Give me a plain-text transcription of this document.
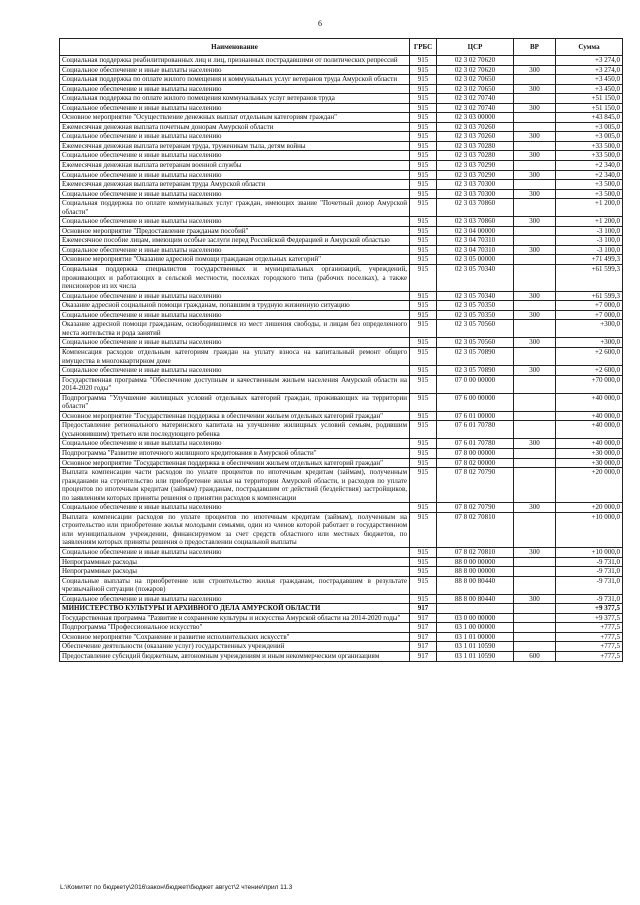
6
Наименование	ГРБС	ЦСР	ВР	Сумма
Социальная поддержка реабилитированных лиц и лиц, признанных пострадавшими от политических репрессий	915	02 3 02 70620		+3 274,0
Социальное обеспечение и иные выплаты населению	915	02 3 02 70620	300	+3 274,0
Социальная поддержка по оплате жилого помещения и коммунальных услуг ветеранов труда Амурской области	915	02 3 02 70650		+3 450,0
Социальное обеспечение и иные выплаты населению	915	02 3 02 70650	300	+3 450,0
Социальная поддержка по оплате жилого помещения коммунальных услуг ветеранов труда	915	02 3 02 70740		+51 150,0
Социальное обеспечение и иные выплаты населению	915	02 3 02 70740	300	+51 150,0
Основное мероприятие "Осуществление денежных выплат отдельным категориям граждан"	915	02 3 03 00000		+43 845,0
Ежемесячная денежная выплата почетным донорам Амурской области	915	02 3 03 70260		+3 005,0
Социальное обеспечение и иные выплаты населению	915	02 3 03 70260	300	+3 005,0
Ежемесячная денежная выплата ветеранам труда, труженикам тыла, детям войны	915	02 3 03 70280		+33 500,0
Социальное обеспечение и иные выплаты населению	915	02 3 03 70280	300	+33 500,0
Ежемесячная денежная выплата ветеранам военной службы	915	02 3 03 70290		+2 340,0
Социальное обеспечение и иные выплаты населению	915	02 3 03 70290	300	+2 340,0
Ежемесячная денежная выплата ветеранам труда Амурской области	915	02 3 03 70300		+3 500,0
Социальное обеспечение и иные выплаты населению	915	02 3 03 70300	300	+3 500,0
Социальная поддержка по оплате коммунальных услуг граждан, имеющих звание "Почетный донор Амурской области"	915	02 3 03 70860		+1 200,0
Социальное обеспечение и иные выплаты населению	915	02 3 03 70860	300	+1 200,0
Основное мероприятие "Предоставление гражданам пособий"	915	02 3 04 00000		-3 100,0
Ежемесячное пособие лицам, имеющим особые заслуги перед Российской Федерацией и Амурской областью	915	02 3 04 70310		-3 100,0
Социальное обеспечение и иные выплаты населению	915	02 3 04 70310	300	-3 100,0
Основное мероприятие "Оказание адресной помощи гражданам отдельных категорий"	915	02 3 05 00000		+71 499,3
Социальная поддержка специалистов государственных и муниципальных организаций, учреждений, проживающих и работающих в сельской местности, поселках городского типа (рабочих поселках), а также пенсионеров из их числа	915	02 3 05 70340		+61 599,3
Социальное обеспечение и иные выплаты населению	915	02 3 05 70340	300	+61 599,3
Оказание адресной социальной помощи гражданам, попавшим в трудную жизненную ситуацию	915	02 3 05 70350		+7 000,0
Социальное обеспечение и иные выплаты населению	915	02 3 05 70350	300	+7 000,0
Оказание адресной помощи гражданам, освободившимся из мест лишения свободы, и лицам без определенного места жительства и рода занятий	915	02 3 05 70560		+300,0
Социальное обеспечение и иные выплаты населению	915	02 3 05 70560	300	+300,0
Компенсация расходов отдельным категориям граждан на уплату взноса на капитальный ремонт общего имущества в многоквартирном доме	915	02 3 05 70890		+2 600,0
Социальное обеспечение и иные выплаты населению	915	02 3 05 70890	300	+2 600,0
Государственная программа "Обеспечение доступным и качественным жильем населения Амурской области на 2014-2020 годы"	915	07 0 00 00000		+70 000,0
Подпрограмма "Улучшение жилищных условий отдельных категорий граждан, проживающих на территории области"	915	07 6 00 00000		+40 000,0
Основное мероприятие "Государственная поддержка в обеспечении жильем отдельных категорий граждан"	915	07 6 01 00000		+40 000,0
Предоставление регионального материнского капитала на улучшение жилищных условий семьям, родившим (усыновившим) третьего или последующего ребенка	915	07 6 01 70780		+40 000,0
Социальное обеспечение и иные выплаты населению	915	07 6 01 70780	300	+40 000,0
Подпрограмма "Развитие ипотечного жилищного кредитования в Амурской области"	915	07 8 00 00000		+30 000,0
Основное мероприятие "Государственная поддержка в обеспечении жильем отдельных категорий граждан"	915	07 8 02 00000		+30 000,0
Выплата компенсации части расходов по уплате процентов по ипотечным кредитам (займам), полученным гражданами на строительство или приобретение жилья на территории Амурской области, и расходов по уплате процентов по ипотечным кредитам (займам) гражданам, пострадавшим от действий (бездействия) застройщиков, по заявлениям которых приняты решения о принятии расходов к компенсации	915	07 8 02 70790		+20 000,0
Социальное обеспечение и иные выплаты населению	915	07 8 02 70790	300	+20 000,0
Выплата компенсации расходов по уплате процентов по ипотечным кредитам (займам), полученным на строительство или приобретение жилья молодыми семьями, один из членов которой работает в государственном или муниципальном учреждении, финансируемом за счет средств областного или местных бюджетов, по заявлениям которых приняты решения о предоставлении социальной выплаты	915	07 8 02 70810		+10 000,0
Социальное обеспечение и иные выплаты населению	915	07 8 02 70810	300	+10 000,0
Непрограммные расходы	915	88 0 00 00000		-9 731,0
Непрограммные расходы	915	88 8 00 00000		-9 731,0
Социальные выплаты на приобретение или строительство жилья гражданам, пострадавшим в результате чрезвычайной ситуации (пожаров)	915	88 8 00 80440		-9 731,0
Социальное обеспечение и иные выплаты населению	915	88 8 00 80440	300	-9 731,0
МИНИСТЕРСТВО КУЛЬТУРЫ И АРХИВНОГО ДЕЛА АМУРСКОЙ ОБЛАСТИ	917			+9 377,5
Государственная программа "Развитие и сохранение культуры и искусства Амурской области на 2014-2020 годы"	917	03 0 00 00000		+9 377,5
Подпрограмма "Профессиональное искусство"	917	03 1 00 00000		+777,5
Основное мероприятие "Сохранение и развитие исполнительских искусств"	917	03 1 01 00000		+777,5
Обеспечение деятельности (оказание услуг) государственных учреждений	917	03 1 01 10590		+777,5
Предоставление субсидий бюджетным, автономным учреждениям и иным некоммерческим организациям	917	03 1 01 10590	600	+777,5
L:\Комитет по бюджету\2016\закон\бюджет\бюджет август\2 чтение\прил 11.3
